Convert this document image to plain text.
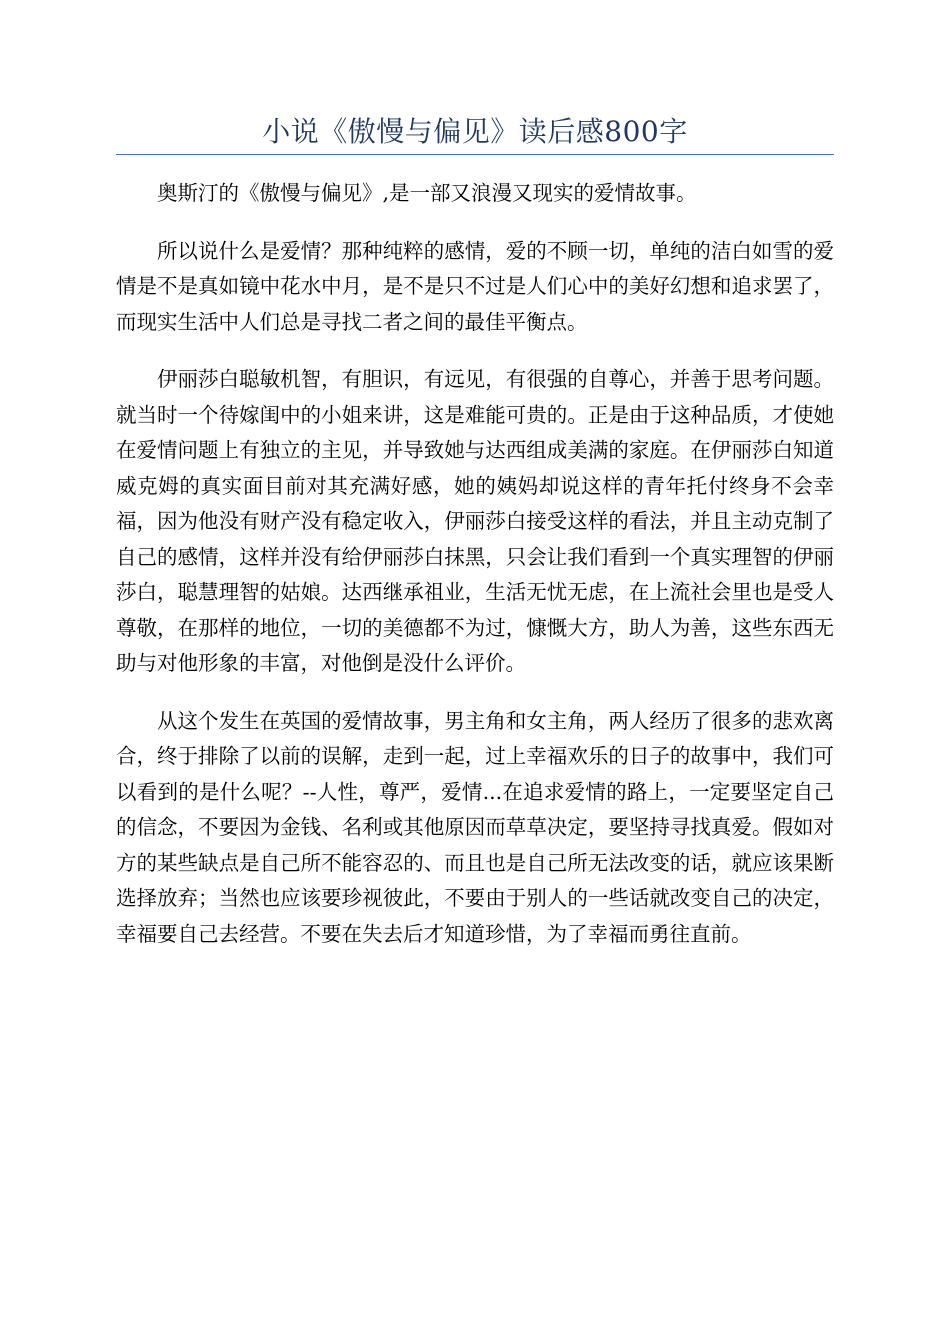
小说《傲慢与偏见》读后感800字

奥斯汀的《傲慢与偏见》,是一部又浪漫又现实的爱情故事。

所以说什么是爱情？那种纯粹的感情，爱的不顾一切，单纯的洁白如雪的爱情是不是真如镜中花水中月，是不是只不过是人们心中的美好幻想和追求罢了，而现实生活中人们总是寻找二者之间的最佳平衡点。

伊丽莎白聪敏机智，有胆识，有远见，有很强的自尊心，并善于思考问题。就当时一个待嫁闺中的小姐来讲，这是难能可贵的。正是由于这种品质，才使她在爱情问题上有独立的主见，并导致她与达西组成美满的家庭。在伊丽莎白知道威克姆的真实面目前对其充满好感，她的姨妈却说这样的青年托付终身不会幸福，因为他没有财产没有稳定收入，伊丽莎白接受这样的看法，并且主动克制了自己的感情，这样并没有给伊丽莎白抹黑，只会让我们看到一个真实理智的伊丽莎白，聪慧理智的姑娘。达西继承祖业，生活无忧无虑，在上流社会里也是受人尊敬，在那样的地位，一切的美德都不为过，慷慨大方，助人为善，这些东西无助与对他形象的丰富，对他倒是没什么评价。

从这个发生在英国的爱情故事，男主角和女主角，两人经历了很多的悲欢离合，终于排除了以前的误解，走到一起，过上幸福欢乐的日子的故事中，我们可以看到的是什么呢？--人性，尊严，爱情...在追求爱情的路上，一定要坚定自己的信念，不要因为金钱、名利或其他原因而草草决定，要坚持寻找真爱。假如对方的某些缺点是自己所不能容忍的、而且也是自己所无法改变的话，就应该果断选择放弃；当然也应该要珍视彼此，不要由于别人的一些话就改变自己的决定，幸福要自己去经营。不要在失去后才知道珍惜，为了幸福而勇往直前。
